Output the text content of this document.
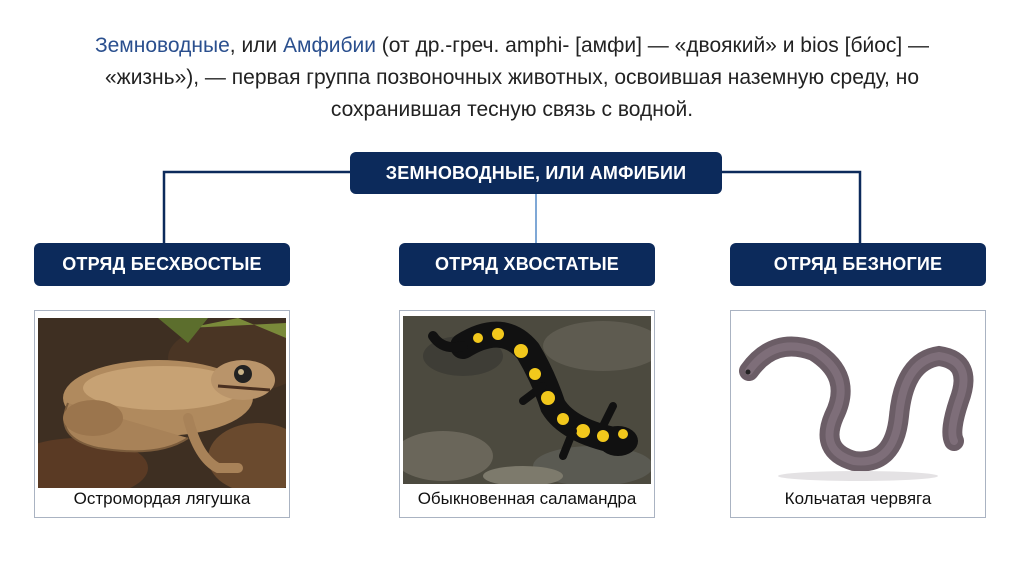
Земноводные, или Амфибии (от др.-греч. amphi- [амфи] — «двоякий» и bios [би́ос] — «жизнь»), — первая группа позвоночных животных, освоившая наземную среду, но сохранившая тесную связь с водной.

ЗЕМНОВОДНЫЕ, ИЛИ АМФИБИИ
ОТРЯД БЕСХВОСТЫЕ	ОТРЯД ХВОСТАТЫЕ	ОТРЯД БЕЗНОГИЕ
Остромордая лягушка	Обыкновенная саламандра	Кольчатая червяга
